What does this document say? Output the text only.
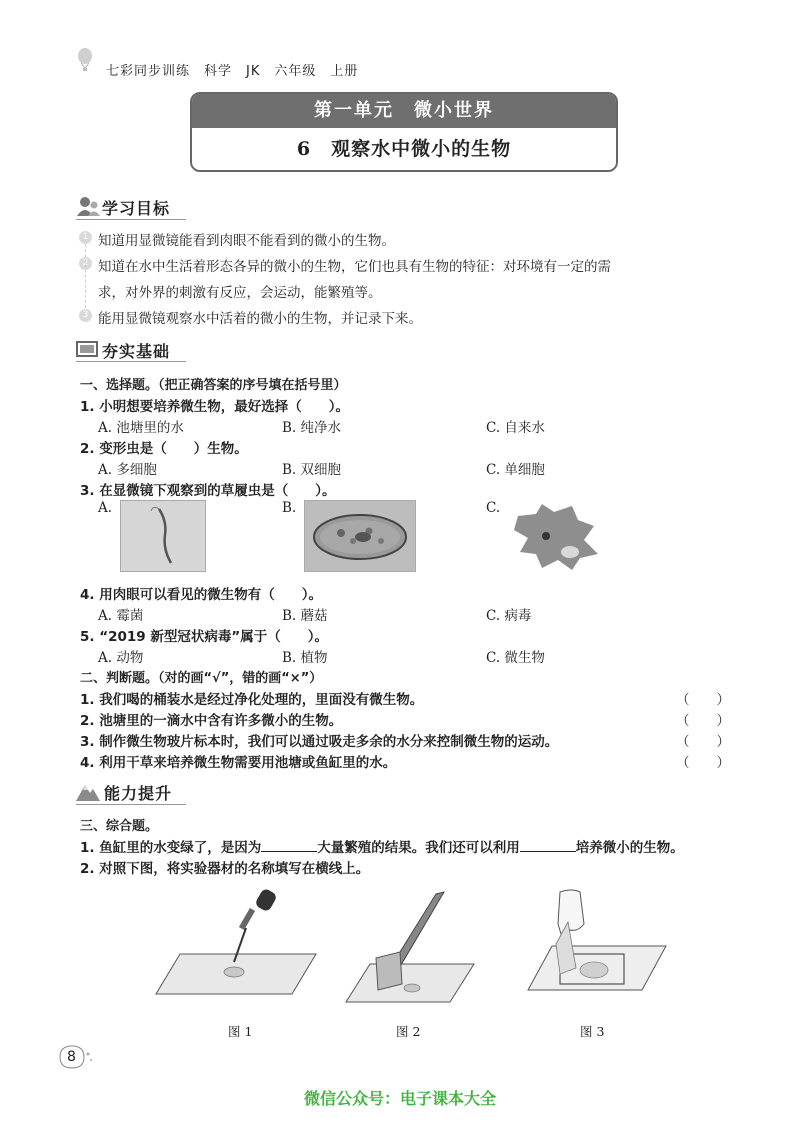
七彩同步训练　科学　JK　六年级　上册
第一单元　微小世界
6　观察水中微小的生物
学习目标
1 知道用显微镜能看到肉眼不能看到的微小的生物。
2 知道在水中生活着形态各异的微小的生物，它们也具有生物的特征：对环境有一定的需
求，对外界的刺激有反应，会运动，能繁殖等。
3 能用显微镜观察水中活着的微小的生物，并记录下来。
夯实基础
一、选择题。（把正确答案的序号填在括号里）
1. 小明想要培养微生物，最好选择（　　）。
A. 池塘里的水	B. 纯净水	C. 自来水
2. 变形虫是（　　）生物。
A. 多细胞	B. 双细胞	C. 单细胞
3. 在显微镜下观察到的草履虫是（　　）。
A.	B.	C.
4. 用肉眼可以看见的微生物有（　　）。
A. 霉菌	B. 蘑菇	C. 病毒
5. “2019 新型冠状病毒”属于（　　）。
A. 动物	B. 植物	C. 微生物
二、判断题。（对的画“√”，错的画“×”）
1. 我们喝的桶装水是经过净化处理的，里面没有微生物。	（　　）
2. 池塘里的一滴水中含有许多微小的生物。	（　　）
3. 制作微生物玻片标本时，我们可以通过吸走多余的水分来控制微生物的运动。	（　　）
4. 利用干草来培养微生物需要用池塘或鱼缸里的水。	（　　）
能力提升
三、综合题。
1. 鱼缸里的水变绿了，是因为	大量繁殖的结果。我们还可以利用	培养微小的生物。
2. 对照下图，将实验器材的名称填写在横线上。
图 1	图 2	图 3
8
微信公众号：电子课本大全
